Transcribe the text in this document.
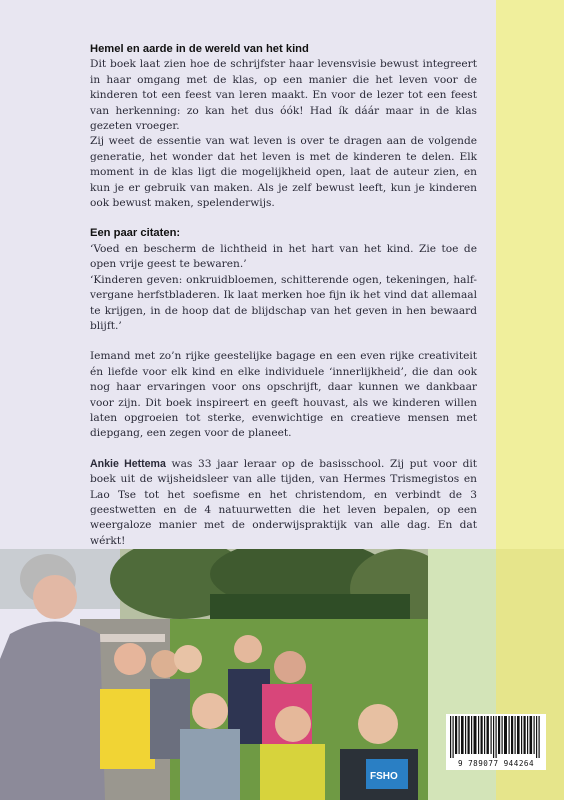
Hemel en aarde in de wereld van het kind

Dit boek laat zien hoe de schrijfster haar levensvisie bewust integreert in haar omgang met de klas, op een manier die het leven voor de kinderen tot een feest van leren maakt. En voor de lezer tot een feest van herkenning: zo kan het dus óók! Had ík dáár maar in de klas gezeten vroeger.

Zij weet de essentie van wat leven is over te dragen aan de volgende generatie, het wonder dat het leven is met de kinderen te delen. Elk moment in de klas ligt die mogelijkheid open, laat de auteur zien, en kun je er gebruik van maken. Als je zelf bewust leeft, kun je kinderen ook bewust maken, spelenderwijs.

Een paar citaten:

‘Voed en bescherm de lichtheid in het hart van het kind. Zie toe de open vrije geest te bewaren.’

‘Kinderen geven: onkruidbloemen, schitterende ogen, tekeningen, half-vergane herfstbladeren. Ik laat merken hoe fijn ik het vind dat allemaal te krijgen, in de hoop dat de blijdschap van het geven in hen bewaard blijft.’

Iemand met zo’n rijke geestelijke bagage en een even rijke creativiteit én liefde voor elk kind en elke individuele ‘innerlijkheid’, die dan ook nog haar ervaringen voor ons opschrijft, daar kunnen we dankbaar voor zijn. Dit boek inspireert en geeft houvast, als we kinderen willen laten opgroeien tot sterke, evenwichtige en creatieve mensen met diepgang, een zegen voor de planeet.

Ankie Hettema was 33 jaar leraar op de basisschool. Zij put voor dit boek uit de wijsheidsleer van alle tijden, van Hermes Trismegistos en Lao Tse tot het soefisme en het christendom, en verbindt de 3 geestwetten en de 4 natuurwetten die het leven bepalen, op een weergaloze manier met de onderwijspraktijk van alle dag. En dat wérkt!

FSHO
9 789077 944264
